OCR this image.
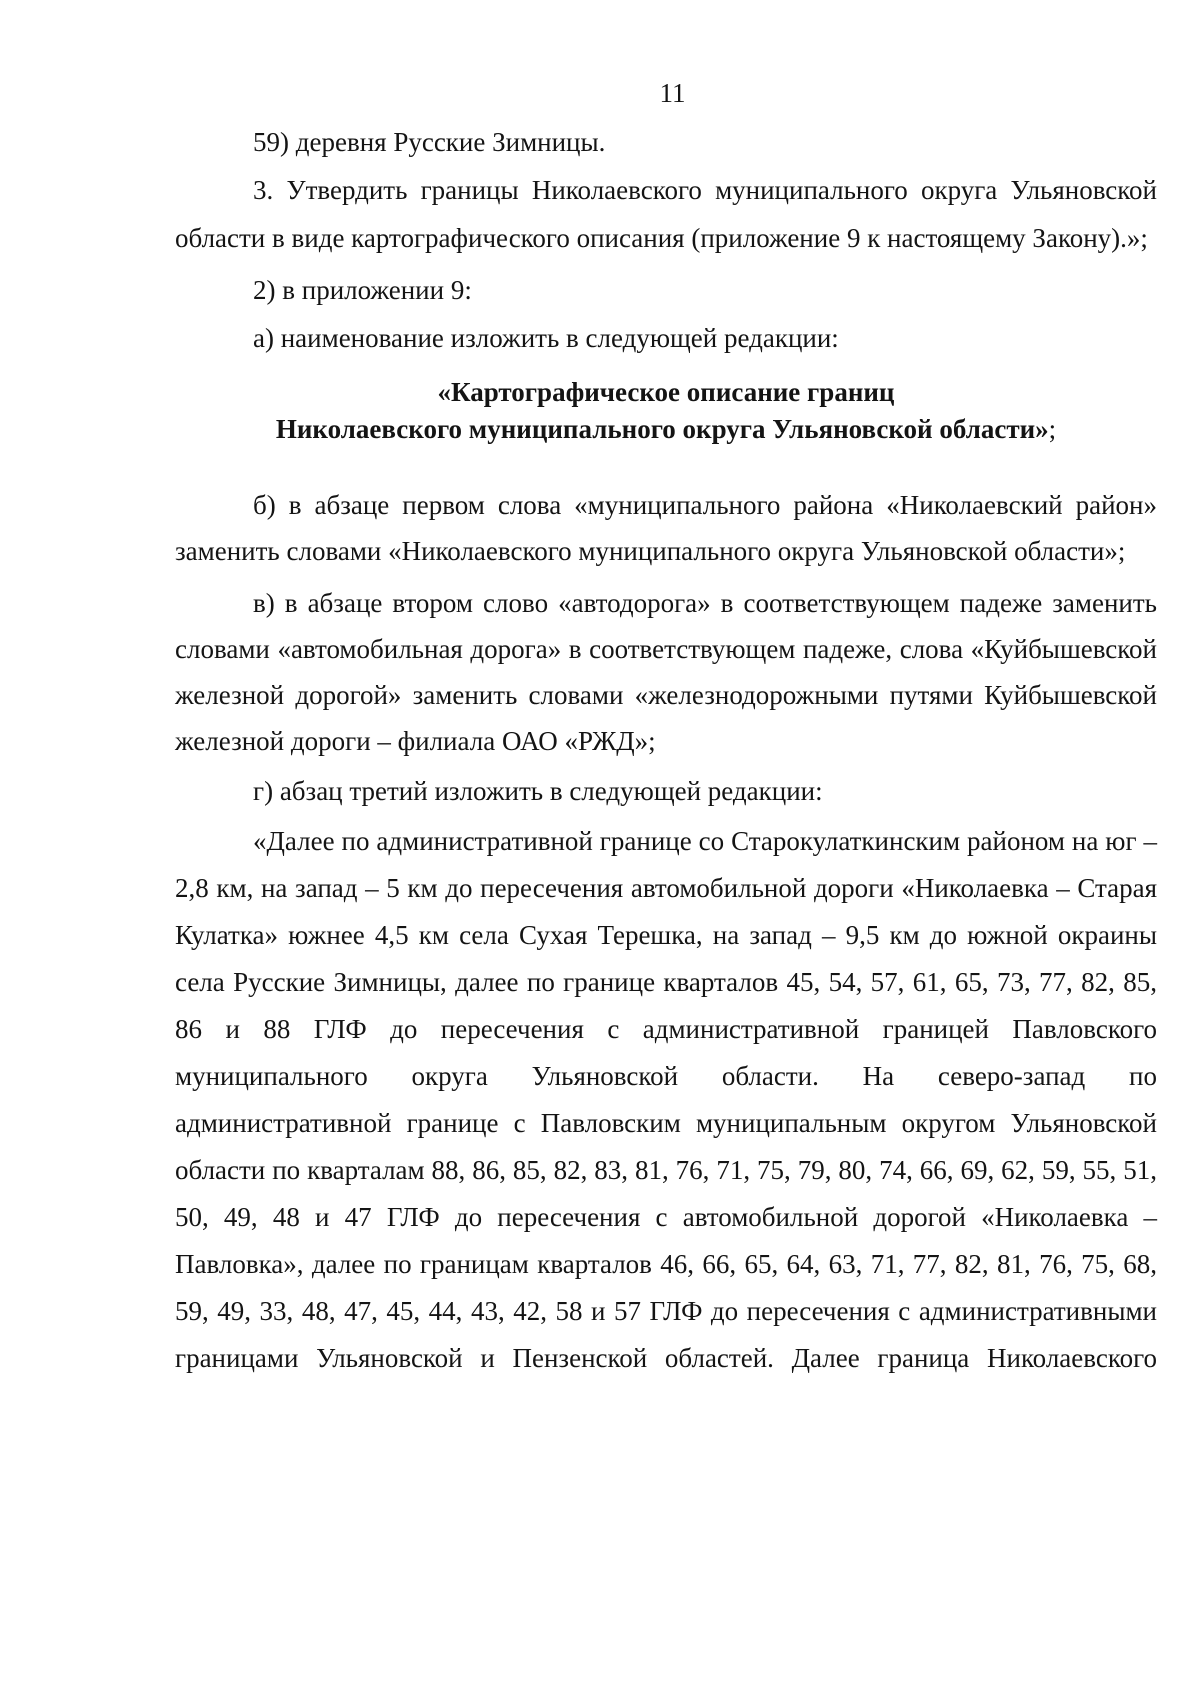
11

59) деревня Русские Зимницы.

3. Утвердить границы Николаевского муниципального округа Ульяновской области в виде картографического описания (приложение 9 к настоящему Закону).»;

2) в приложении 9:

а) наименование изложить в следующей редакции:

«Картографическое описание границ
Николаевского муниципального округа Ульяновской области»;

б) в абзаце первом слова «муниципального района «Николаевский район» заменить словами «Николаевского муниципального округа Ульяновской области»;

в) в абзаце втором слово «автодорога» в соответствующем падеже заменить словами «автомобильная дорога» в соответствующем падеже, слова «Куйбышевской железной дорогой» заменить словами «железнодорожными путями Куйбышевской железной дороги – филиала ОАО «РЖД»;

г) абзац третий изложить в следующей редакции:

«Далее по административной границе со Старокулаткинским районом на юг – 2,8 км, на запад – 5 км до пересечения автомобильной дороги «Николаевка – Старая Кулатка» южнее 4,5 км села Сухая Терешка, на запад – 9,5 км до южной окраины села Русские Зимницы, далее по границе кварталов 45, 54, 57, 61, 65, 73, 77, 82, 85, 86 и 88 ГЛФ до пересечения с административной границей Павловского муниципального округа Ульяновской области. На северо-запад по административной границе с Павловским муниципальным округом Ульяновской области по кварталам 88, 86, 85, 82, 83, 81, 76, 71, 75, 79, 80, 74, 66, 69, 62, 59, 55, 51, 50, 49, 48 и 47 ГЛФ до пересечения с автомобильной дорогой «Николаевка – Павловка», далее по границам кварталов 46, 66, 65, 64, 63, 71, 77, 82, 81, 76, 75, 68, 59, 49, 33, 48, 47, 45, 44, 43, 42, 58 и 57 ГЛФ до пересечения с административными границами Ульяновской и Пензенской областей. Далее граница Николаевского
